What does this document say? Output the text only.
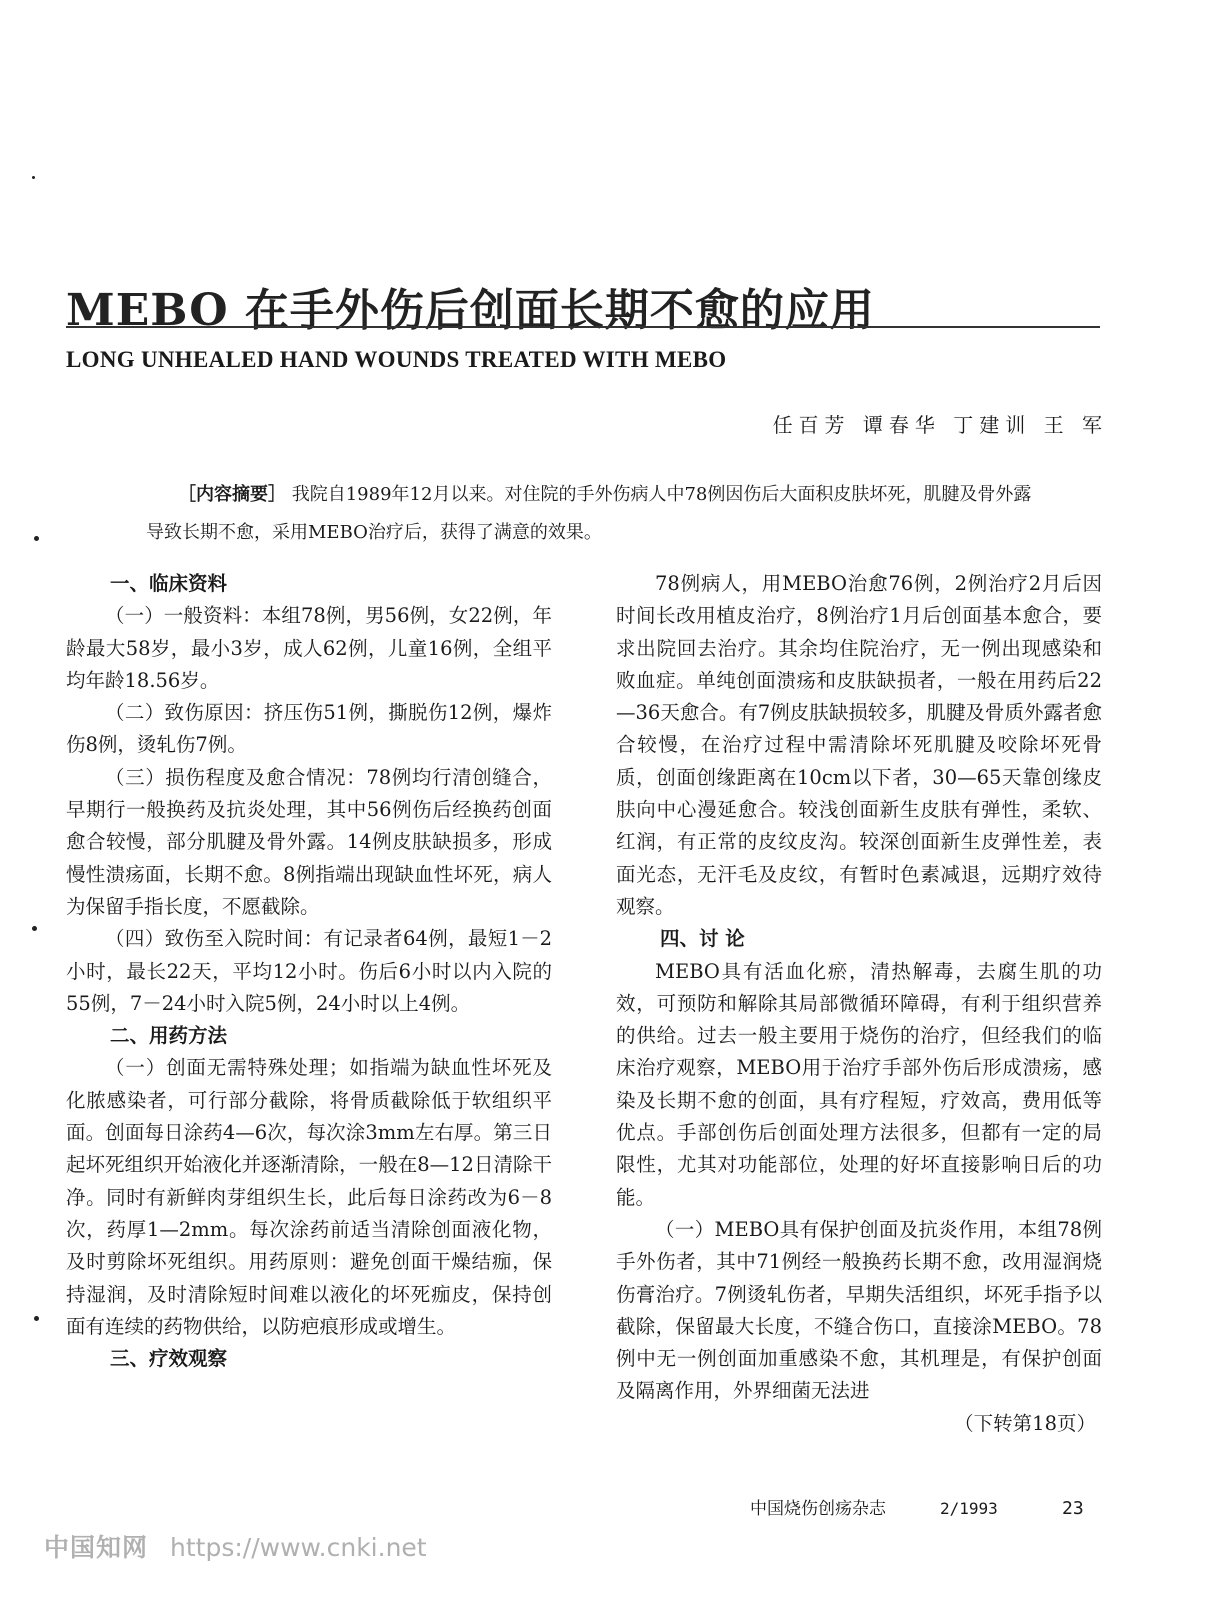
MEBO 在手外伤后创面长期不愈的应用
LONG UNHEALED HAND WOUNDS TREATED WITH MEBO
任百芳 谭春华 丁建训 王 军
［内容摘要］ 我院自1989年12月以来。对住院的手外伤病人中78例因伤后大面积皮肤坏死，肌腱及骨外露导致长期不愈，采用MEBO治疗后，获得了满意的效果。
一、临床资料

（一）一般资料：本组78例，男56例，女22例，年龄最大58岁，最小3岁，成人62例，儿童16例，全组平均年龄18.56岁。

（二）致伤原因：挤压伤51例，撕脱伤12例，爆炸伤8例，烫轧伤7例。

（三）损伤程度及愈合情况：78例均行清创缝合，早期行一般换药及抗炎处理，其中56例伤后经换药创面愈合较慢，部分肌腱及骨外露。14例皮肤缺损多，形成慢性溃疡面，长期不愈。8例指端出现缺血性坏死，病人为保留手指长度，不愿截除。

（四）致伤至入院时间：有记录者64例，最短1－2小时，最长22天，平均12小时。伤后6小时以内入院的55例，7－24小时入院5例，24小时以上4例。

二、用药方法

（一）创面无需特殊处理；如指端为缺血性坏死及化脓感染者，可行部分截除，将骨质截除低于软组织平面。创面每日涂药4—6次，每次涂3mm左右厚。第三日起坏死组织开始液化并逐渐清除，一般在8—12日清除干净。同时有新鲜肉芽组织生长，此后每日涂药改为6－8次，药厚1—2mm。每次涂药前适当清除创面液化物，及时剪除坏死组织。用药原则：避免创面干燥结痂，保持湿润，及时清除短时间难以液化的坏死痂皮，保持创面有连续的药物供给，以防疤痕形成或增生。

三、疗效观察

78例病人，用MEBO治愈76例，2例治疗2月后因时间长改用植皮治疗，8例治疗1月后创面基本愈合，要求出院回去治疗。其余均住院治疗，无一例出现感染和败血症。单纯创面溃疡和皮肤缺损者，一般在用药后22—36天愈合。有7例皮肤缺损较多，肌腱及骨质外露者愈合较慢，在治疗过程中需清除坏死肌腱及咬除坏死骨质，创面创缘距离在10cm以下者，30—65天靠创缘皮肤向中心漫延愈合。较浅创面新生皮肤有弹性，柔软、红润，有正常的皮纹皮沟。较深创面新生皮弹性差，表面光态，无汗毛及皮纹，有暂时色素减退，远期疗效待观察。

四、讨 论

MEBO具有活血化瘀，清热解毒，去腐生肌的功效，可预防和解除其局部微循环障碍，有利于组织营养的供给。过去一般主要用于烧伤的治疗，但经我们的临床治疗观察，MEBO用于治疗手部外伤后形成溃疡，感染及长期不愈的创面，具有疗程短，疗效高，费用低等优点。手部创伤后创面处理方法很多，但都有一定的局限性，尤其对功能部位，处理的好坏直接影响日后的功能。

（一）MEBO具有保护创面及抗炎作用，本组78例手外伤者，其中71例经一般换药长期不愈，改用湿润烧伤膏治疗。7例烫轧伤者，早期失活组织，坏死手指予以截除，保留最大长度，不缝合伤口，直接涂MEBO。78例中无一例创面加重感染不愈，其机理是，有保护创面及隔离作用，外界细菌无法进

（下转第18页）

中国烧伤创疡杂志	2/1993	23
中国知网 https://www.cnki.net
